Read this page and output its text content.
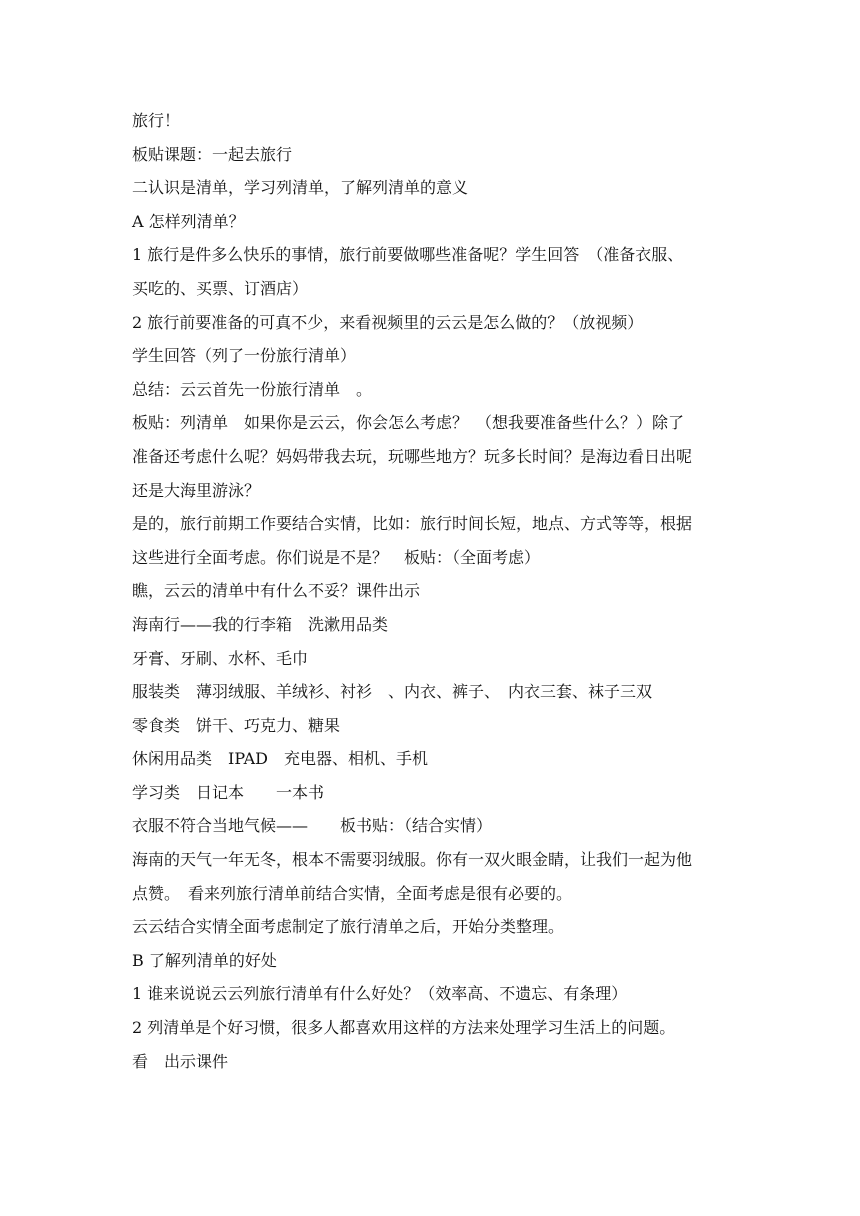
旅行！
板贴课题：一起去旅行
二认识是清单，学习列清单，了解列清单的意义
A 怎样列清单？
1 旅行是件多么快乐的事情，旅行前要做哪些准备呢？学生回答　（准备衣服、
买吃的、买票、订酒店）
2 旅行前要准备的可真不少，来看视频里的云云是怎么做的？（放视频）
学生回答（列了一份旅行清单）
总结：云云首先一份旅行清单　。
板贴：列清单　如果你是云云，你会怎么考虑？　（想我要准备些什么？）除了
准备还考虑什么呢？妈妈带我去玩，玩哪些地方？玩多长时间？是海边看日出呢
还是大海里游泳？
是的，旅行前期工作要结合实情，比如：旅行时间长短，地点、方式等等，根据
这些进行全面考虑。你们说是不是？　板贴：（全面考虑）
瞧，云云的清单中有什么不妥？课件出示
海南行——我的行李箱　洗漱用品类
牙膏、牙刷、水杯、毛巾
服装类　薄羽绒服、羊绒衫、衬衫　、内衣、裤子、　内衣三套、袜子三双
零食类　饼干、巧克力、糖果
休闲用品类　IPAD　充电器、相机、手机
学习类　日记本　　一本书
衣服不符合当地气候——　　板书贴：（结合实情）
海南的天气一年无冬，根本不需要羽绒服。你有一双火眼金睛，让我们一起为他
点赞。　看来列旅行清单前结合实情，全面考虑是很有必要的。
云云结合实情全面考虑制定了旅行清单之后，开始分类整理。
B 了解列清单的好处
1 谁来说说云云列旅行清单有什么好处？（效率高、不遗忘、有条理）
2 列清单是个好习惯，很多人都喜欢用这样的方法来处理学习生活上的问题。
看　出示课件
